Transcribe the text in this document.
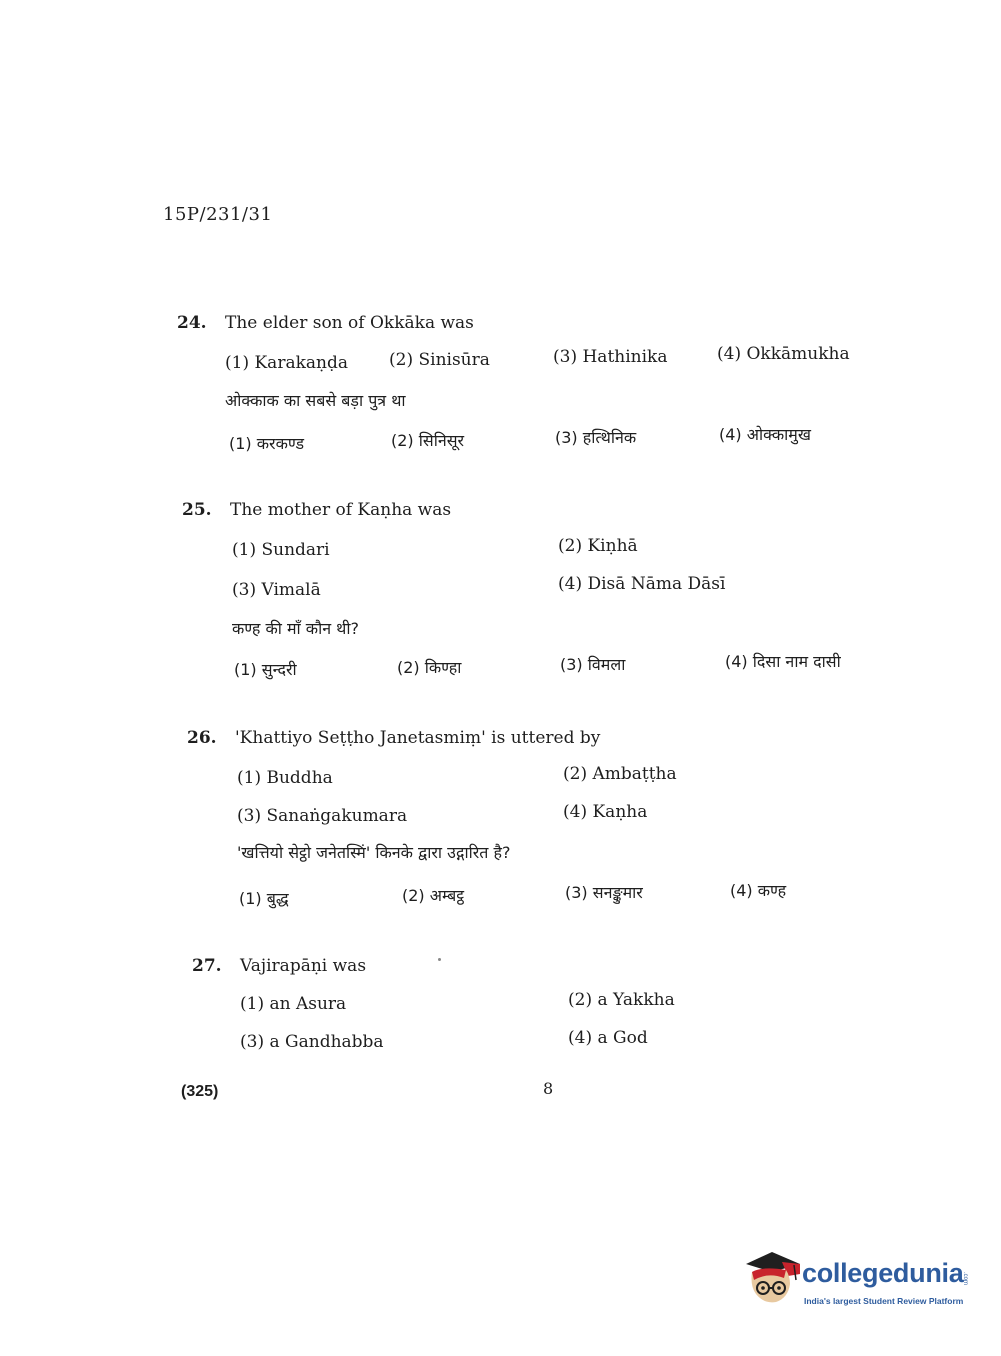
15P/231/31
24. The elder son of Okkāka was
(1) Karakaṇḍa (2) Sinisūra	(3) Hathinika	(4) Okkāmukha
ओक्काक का सबसे बड़ा पुत्र था
(1) करकण्ड	(2) सिनिसूर	(3) हत्थिनिक	(4) ओक्कामुख
25. The mother of Kaṇha was
(1) Sundari	(2) Kiṇhā
(3) Vimalā	(4) Disā Nāma Dāsī
कण्ह की माँ कौन थी?
(1) सुन्दरी	(2) किण्हा	(3) विमला	(4) दिसा नाम दासी
26. 'Khattiyo Seṭṭho Janetasmiṃ' is uttered by
(1) Buddha	(2) Ambaṭṭha
(3) Sanaṅgakumara	(4) Kaṇha
'खत्तियो सेट्ठो जनेतस्मिं' किनके द्वारा उद्गारित है?
(1) बुद्ध	(2) अम्बट्ठ	(3) सनङ्कुमार	(4) कण्ह
27. Vajirapāṇi was
(1) an Asura	(2) a Yakkha
(3) a Gandhabba	(4) a God
(325)	8
collegedunia
.com
India's largest Student Review Platform
